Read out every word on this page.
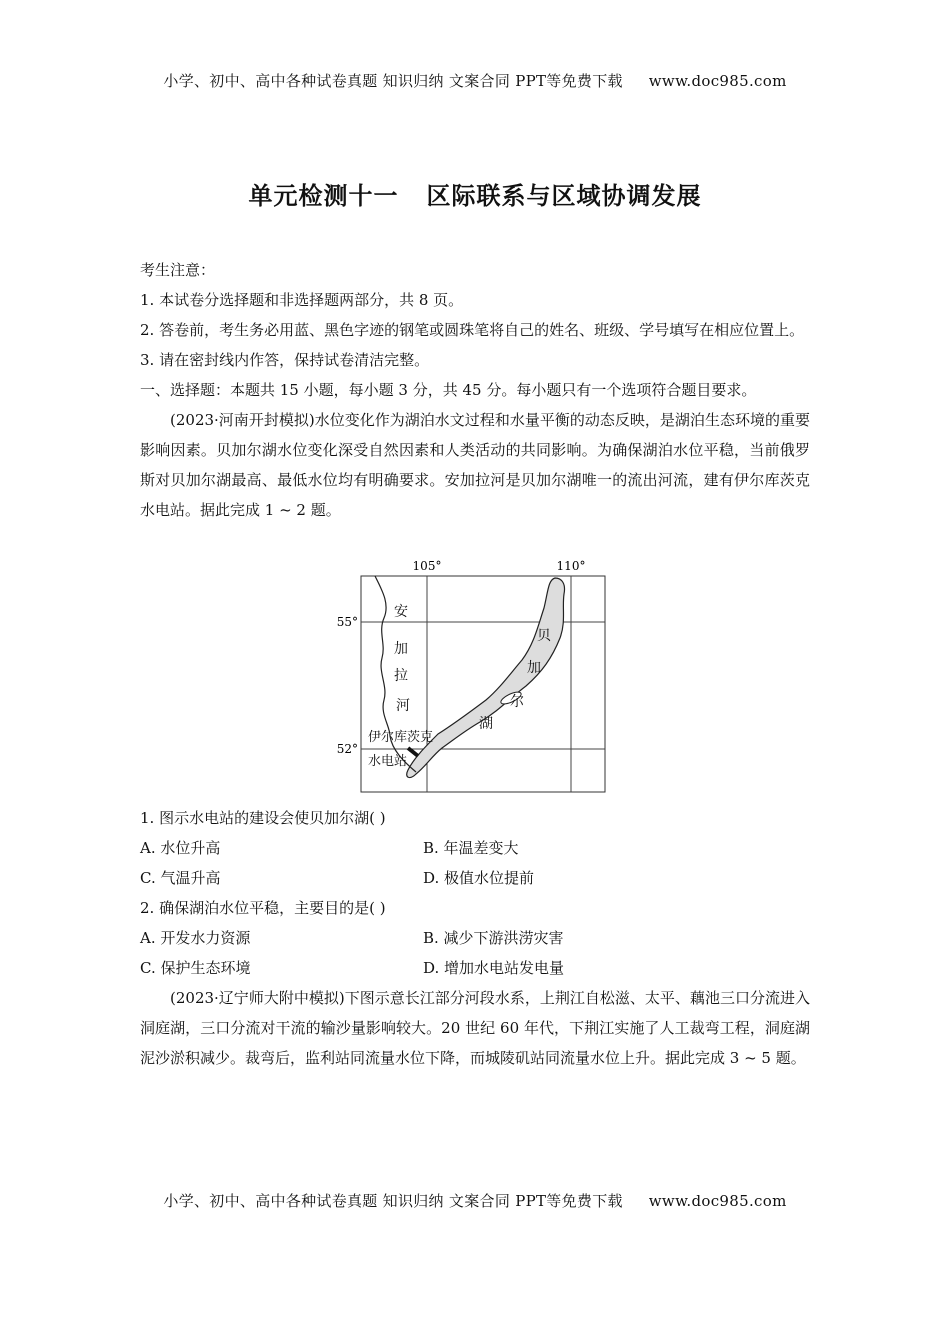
小学、初中、高中各种试卷真题 知识归纳 文案合同 PPT等免费下载 www.doc985.com
单元检测十一 区际联系与区域协调发展
考生注意：
1. 本试卷分选择题和非选择题两部分，共 8 页。
2. 答卷前，考生务必用蓝、黑色字迹的钢笔或圆珠笔将自己的姓名、班级、学号填写在相应位置上。
3. 请在密封线内作答，保持试卷清洁完整。
一、选择题：本题共 15 小题，每小题 3 分，共 45 分。每小题只有一个选项符合题目要求。
(2023·河南开封模拟)水位变化作为湖泊水文过程和水量平衡的动态反映，是湖泊生态环境的重要影响因素。贝加尔湖水位变化深受自然因素和人类活动的共同影响。为确保湖泊水位平稳，当前俄罗斯对贝加尔湖最高、最低水位均有明确要求。安加拉河是贝加尔湖唯一的流出河流，建有伊尔库茨克水电站。据此完成 1 ~ 2 题。
105°	110°
55°
52°
安
加
拉
河
贝
加
尔
湖
伊尔库茨克
水电站
1. 图示水电站的建设会使贝加尔湖( )
A. 水位升高	B. 年温差变大
C. 气温升高	D. 极值水位提前
2. 确保湖泊水位平稳，主要目的是( )
A. 开发水力资源	B. 减少下游洪涝灾害
C. 保护生态环境	D. 增加水电站发电量
(2023·辽宁师大附中模拟)下图示意长江部分河段水系，上荆江自松滋、太平、藕池三口分流进入洞庭湖，三口分流对干流的输沙量影响较大。20 世纪 60 年代，下荆江实施了人工裁弯工程，洞庭湖泥沙淤积减少。裁弯后，监利站同流量水位下降，而城陵矶站同流量水位上升。据此完成 3 ~ 5 题。
小学、初中、高中各种试卷真题 知识归纳 文案合同 PPT等免费下载 www.doc985.com
